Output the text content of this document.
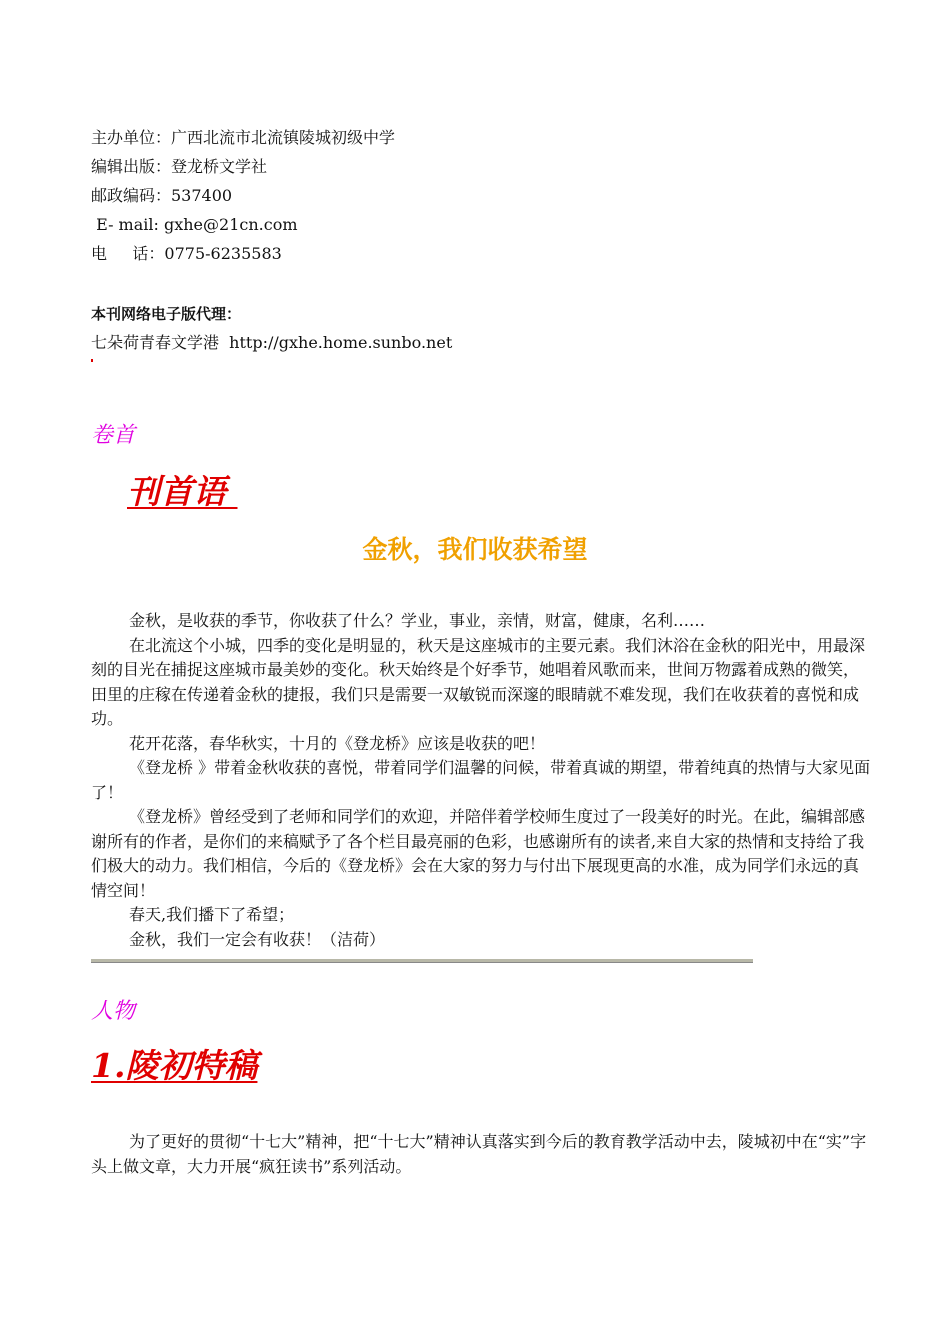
主办单位：广西北流市北流镇陵城初级中学
编辑出版：登龙桥文学社
邮政编码：537400
E- mail: gxhe@21cn.com
电     话：0775-6235583
本刊网络电子版代理：
七朵荷青春文学港  http://gxhe.home.sunbo.net
卷首
刊首语
金秋，我们收获希望

金秋，是收获的季节，你收获了什么？学业，事业，亲情，财富，健康，名利……

在北流这个小城，四季的变化是明显的，秋天是这座城市的主要元素。我们沐浴在金秋的阳光中，用最深刻的目光在捕捉这座城市最美妙的变化。秋天始终是个好季节，她唱着风歌而来，世间万物露着成熟的微笑，田里的庄稼在传递着金秋的捷报，我们只是需要一双敏锐而深邃的眼睛就不难发现，我们在收获着的喜悦和成功。

花开花落，春华秋实，十月的《登龙桥》应该是收获的吧！

《登龙桥 》带着金秋收获的喜悦，带着同学们温馨的问候，带着真诚的期望，带着纯真的热情与大家见面了！

《登龙桥》曾经受到了老师和同学们的欢迎，并陪伴着学校师生度过了一段美好的时光。在此，编辑部感谢所有的作者，是你们的来稿赋予了各个栏目最亮丽的色彩，也感谢所有的读者,来自大家的热情和支持给了我们极大的动力。我们相信，今后的《登龙桥》会在大家的努力与付出下展现更高的水准，成为同学们永远的真情空间！

春天,我们播下了希望；

金秋，我们一定会有收获！（洁荷）

人物
1.陵初特稿

为了更好的贯彻“十七大”精神，把“十七大”精神认真落实到今后的教育教学活动中去，陵城初中在“实”字头上做文章，大力开展“疯狂读书”系列活动。
